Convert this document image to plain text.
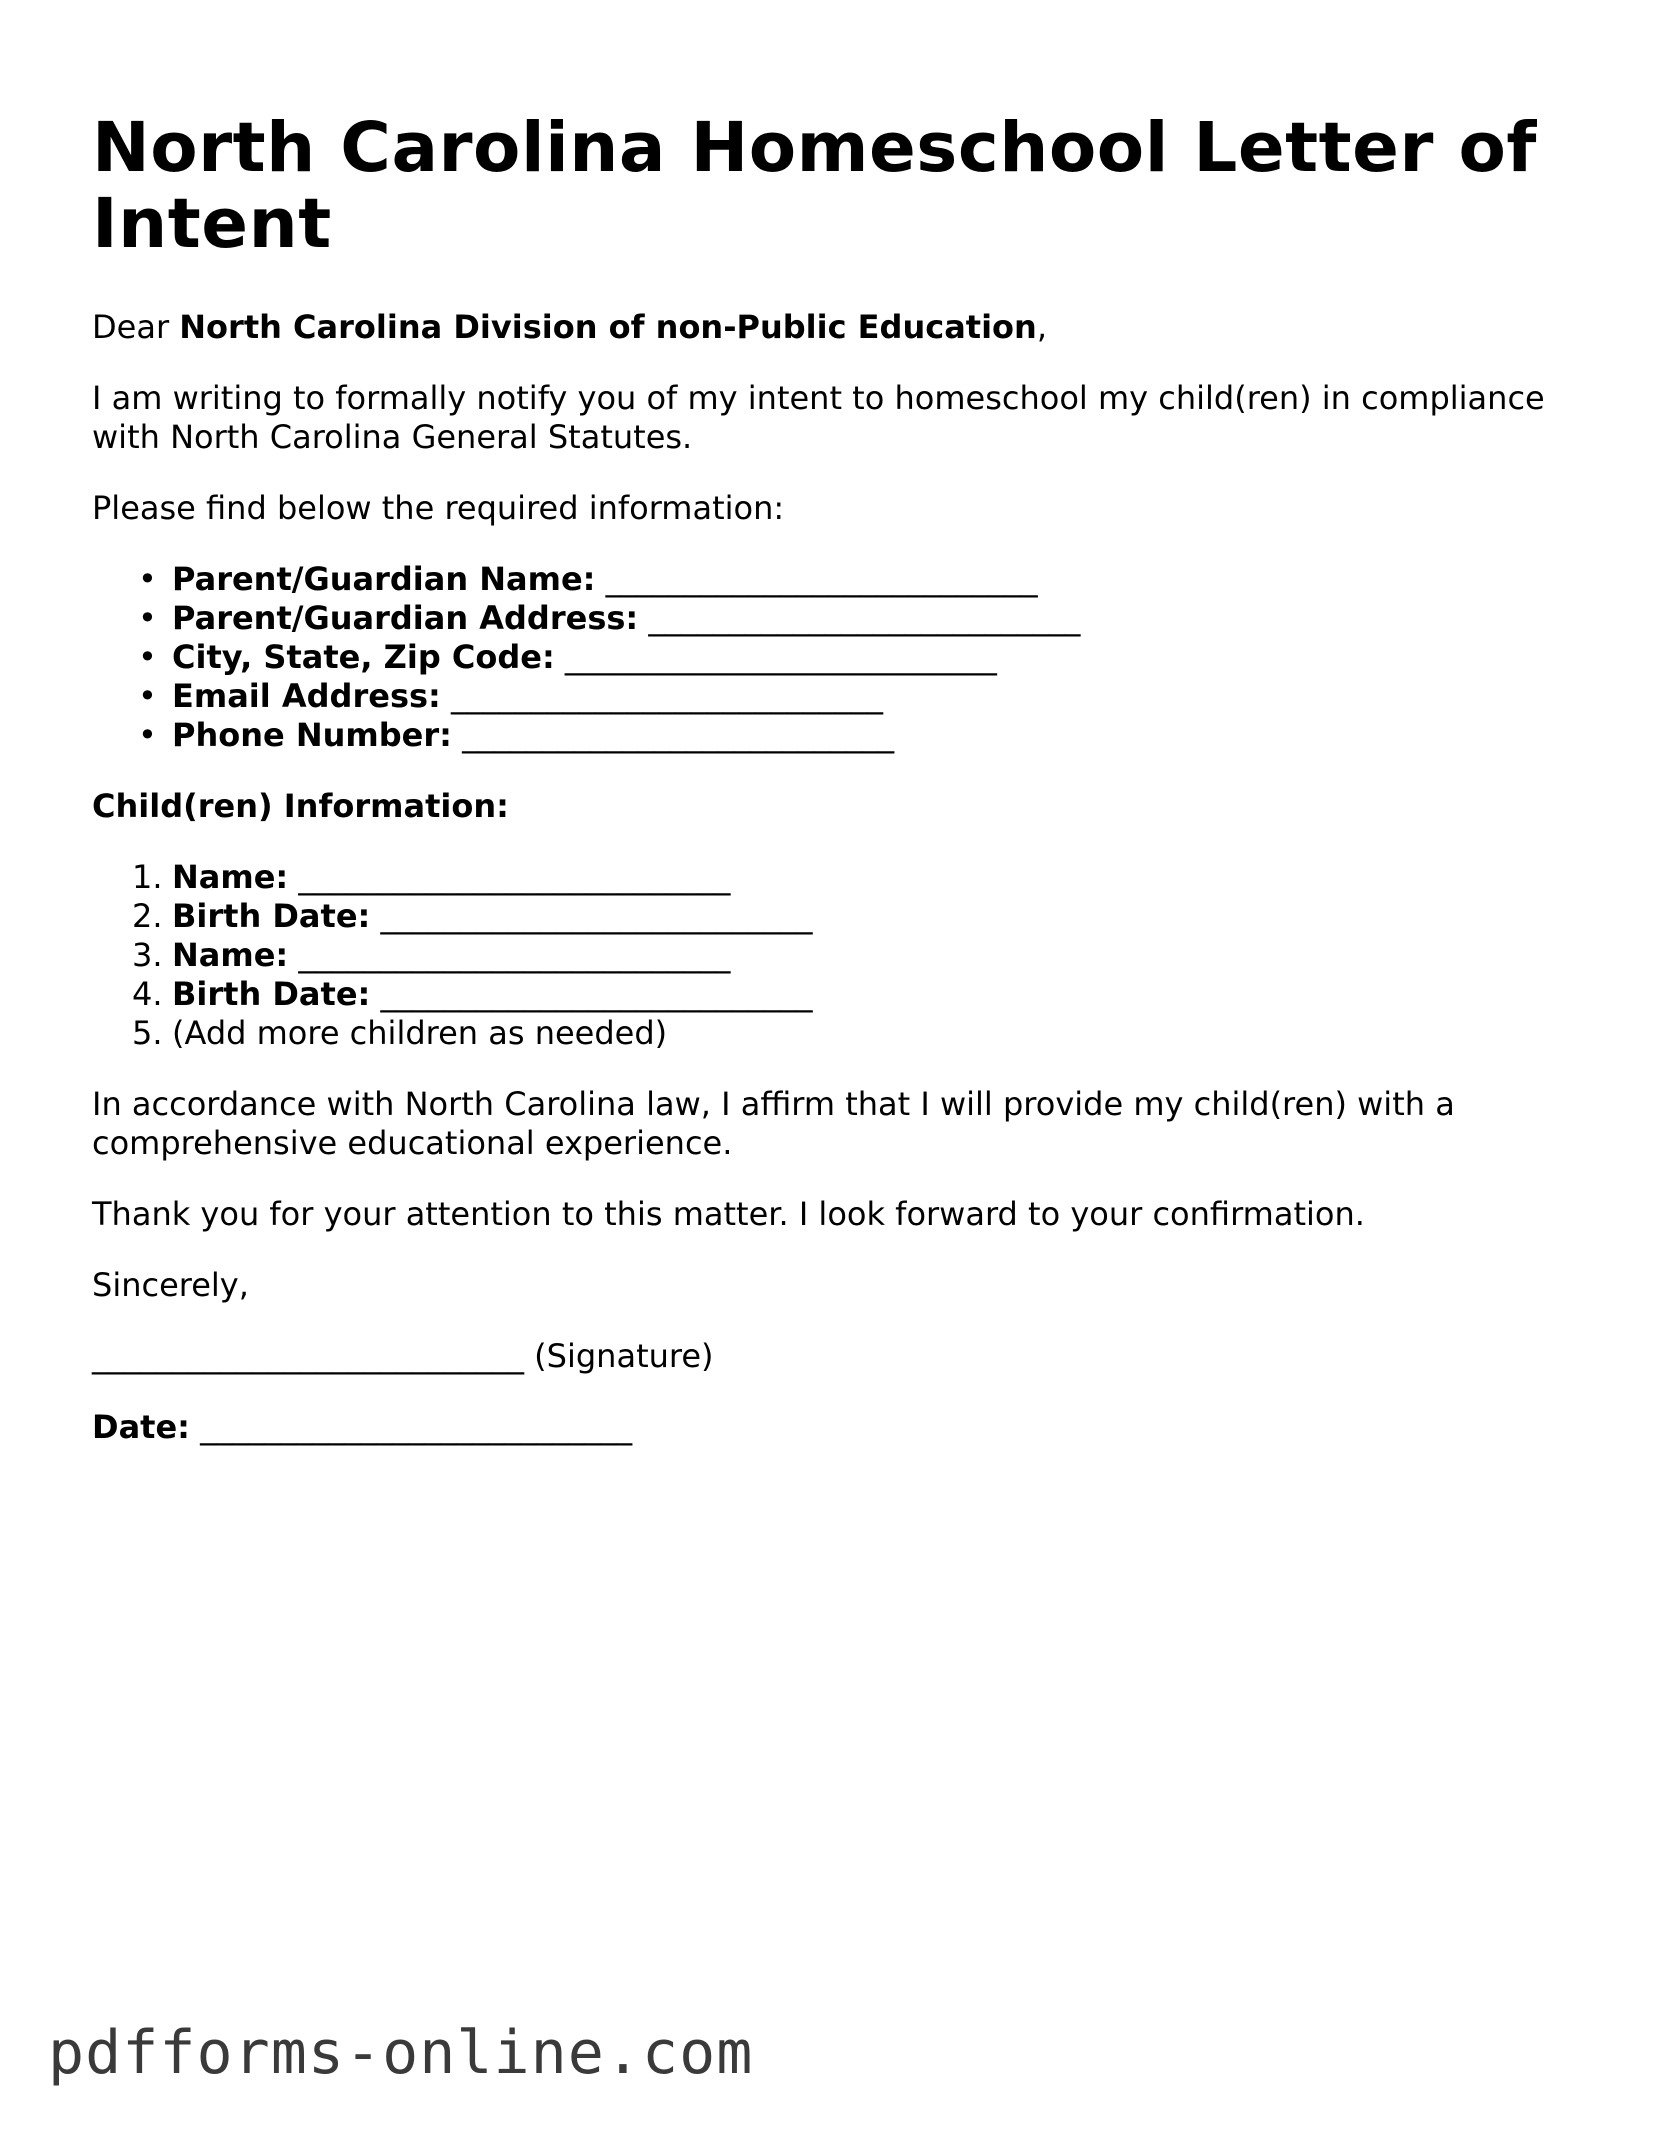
North Carolina Homeschool Letter of Intent

Dear North Carolina Division of non-Public Education,

I am writing to formally notify you of my intent to homeschool my child(ren) in compliance with North Carolina General Statutes.

Please find below the required information:

• Parent/Guardian Name: ___________________________
• Parent/Guardian Address: ___________________________
• City, State, Zip Code: ___________________________
• Email Address: ___________________________
• Phone Number: ___________________________

Child(ren) Information:

1. Name: ___________________________
2. Birth Date: ___________________________
3. Name: ___________________________
4. Birth Date: ___________________________
5. (Add more children as needed)

In accordance with North Carolina law, I affirm that I will provide my child(ren) with a comprehensive educational experience.

Thank you for your attention to this matter. I look forward to your confirmation.

Sincerely,

___________________________ (Signature)

Date: ___________________________

pdfforms-online.com
